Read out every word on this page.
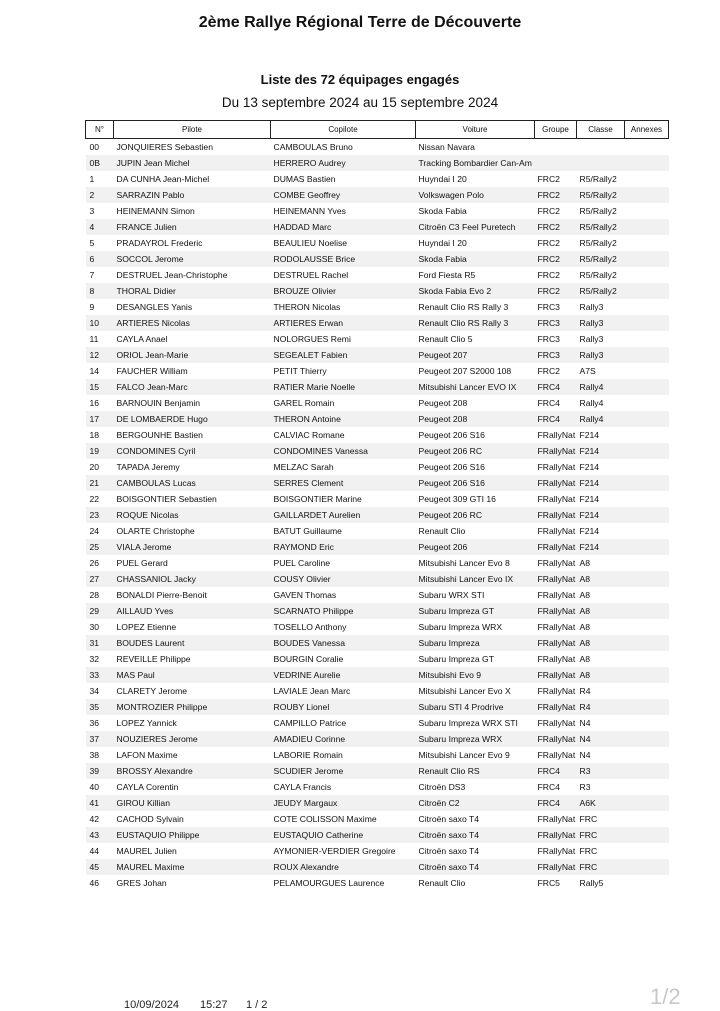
2ème Rallye Régional Terre de Découverte
Liste des 72 équipages engagés
Du 13 septembre 2024 au 15 septembre 2024
N°	Pilote	Copilote	Voiture	Groupe	Classe	Annexes
00	JONQUIERES Sebastien	CAMBOULAS Bruno	Nissan Navara			
0B	JUPIN Jean Michel	HERRERO Audrey	Tracking Bombardier Can-Am			
1	DA CUNHA Jean-Michel	DUMAS Bastien	Huyndai I 20	FRC2	R5/Rally2	
2	SARRAZIN Pablo	COMBE Geoffrey	Volkswagen Polo	FRC2	R5/Rally2	
3	HEINEMANN Simon	HEINEMANN Yves	Skoda Fabia	FRC2	R5/Rally2	
4	FRANCE Julien	HADDAD Marc	Citroën C3 Feel Puretech	FRC2	R5/Rally2	
5	PRADAYROL Frederic	BEAULIEU Noelise	Huyndai I 20	FRC2	R5/Rally2	
6	SOCCOL Jerome	RODOLAUSSE Brice	Skoda Fabia	FRC2	R5/Rally2	
7	DESTRUEL Jean-Christophe	DESTRUEL Rachel	Ford Fiesta R5	FRC2	R5/Rally2	
8	THORAL Didier	BROUZE Olivier	Skoda Fabia Evo 2	FRC2	R5/Rally2	
9	DESANGLES Yanis	THERON Nicolas	Renault Clio RS Rally 3	FRC3	Rally3	
10	ARTIERES Nicolas	ARTIERES Erwan	Renault Clio RS Rally 3	FRC3	Rally3	
11	CAYLA Anael	NOLORGUES Remi	Renault Clio 5	FRC3	Rally3	
12	ORIOL Jean-Marie	SEGEALET Fabien	Peugeot 207	FRC3	Rally3	
14	FAUCHER William	PETIT Thierry	Peugeot 207 S2000 108	FRC2	A7S	
15	FALCO Jean-Marc	RATIER Marie Noelle	Mitsubishi Lancer EVO IX	FRC4	Rally4	
16	BARNOUIN Benjamin	GAREL Romain	Peugeot 208	FRC4	Rally4	
17	DE LOMBAERDE Hugo	THERON Antoine	Peugeot 208	FRC4	Rally4	
18	BERGOUNHE Bastien	CALVIAC Romane	Peugeot 206 S16	FRallyNat	F214	
19	CONDOMINES Cyril	CONDOMINES Vanessa	Peugeot 206 RC	FRallyNat	F214	
20	TAPADA Jeremy	MELZAC Sarah	Peugeot 206 S16	FRallyNat	F214	
21	CAMBOULAS Lucas	SERRES Clement	Peugeot 206 S16	FRallyNat	F214	
22	BOISGONTIER Sebastien	BOISGONTIER Marine	Peugeot 309 GTI 16	FRallyNat	F214	
23	ROQUE Nicolas	GAILLARDET Aurelien	Peugeot 206 RC	FRallyNat	F214	
24	OLARTE Christophe	BATUT Guillaume	Renault Clio	FRallyNat	F214	
25	VIALA Jerome	RAYMOND Eric	Peugeot 206	FRallyNat	F214	
26	PUEL Gerard	PUEL Caroline	Mitsubishi Lancer Evo 8	FRallyNat	A8	
27	CHASSANIOL Jacky	COUSY Olivier	Mitsubishi Lancer Evo IX	FRallyNat	A8	
28	BONALDI Pierre-Benoit	GAVEN Thomas	Subaru WRX STI	FRallyNat	A8	
29	AILLAUD Yves	SCARNATO Philippe	Subaru Impreza GT	FRallyNat	A8	
30	LOPEZ Etienne	TOSELLO Anthony	Subaru Impreza WRX	FRallyNat	A8	
31	BOUDES Laurent	BOUDES Vanessa	Subaru Impreza	FRallyNat	A8	
32	REVEILLE Philippe	BOURGIN Coralie	Subaru Impreza GT	FRallyNat	A8	
33	MAS Paul	VEDRINE Aurelie	Mitsubishi Evo 9	FRallyNat	A8	
34	CLARETY Jerome	LAVIALE Jean Marc	Mitsubishi Lancer Evo X	FRallyNat	R4	
35	MONTROZIER Philippe	ROUBY Lionel	Subaru STI 4 Prodrive	FRallyNat	R4	
36	LOPEZ Yannick	CAMPILLO Patrice	Subaru Impreza WRX STI	FRallyNat	N4	
37	NOUZIERES Jerome	AMADIEU Corinne	Subaru Impreza WRX	FRallyNat	N4	
38	LAFON Maxime	LABORIE Romain	Mitsubishi Lancer Evo 9	FRallyNat	N4	
39	BROSSY Alexandre	SCUDIER Jerome	Renault Clio RS	FRC4	R3	
40	CAYLA Corentin	CAYLA Francis	Citroën DS3	FRC4	R3	
41	GIROU Killian	JEUDY Margaux	Citroën C2	FRC4	A6K	
42	CACHOD Sylvain	COTE COLISSON Maxime	Citroën saxo T4	FRallyNat	FRC	
43	EUSTAQUIO Philippe	EUSTAQUIO Catherine	Citroën saxo T4	FRallyNat	FRC	
44	MAUREL Julien	AYMONIER-VERDIER Gregoire	Citroën saxo T4	FRallyNat	FRC	
45	MAUREL Maxime	ROUX Alexandre	Citroën saxo T4	FRallyNat	FRC	
46	GRES Johan	PELAMOURGUES Laurence	Renault Clio	FRC5	Rally5	
10/09/2024 15:27 1 / 2	1/2
